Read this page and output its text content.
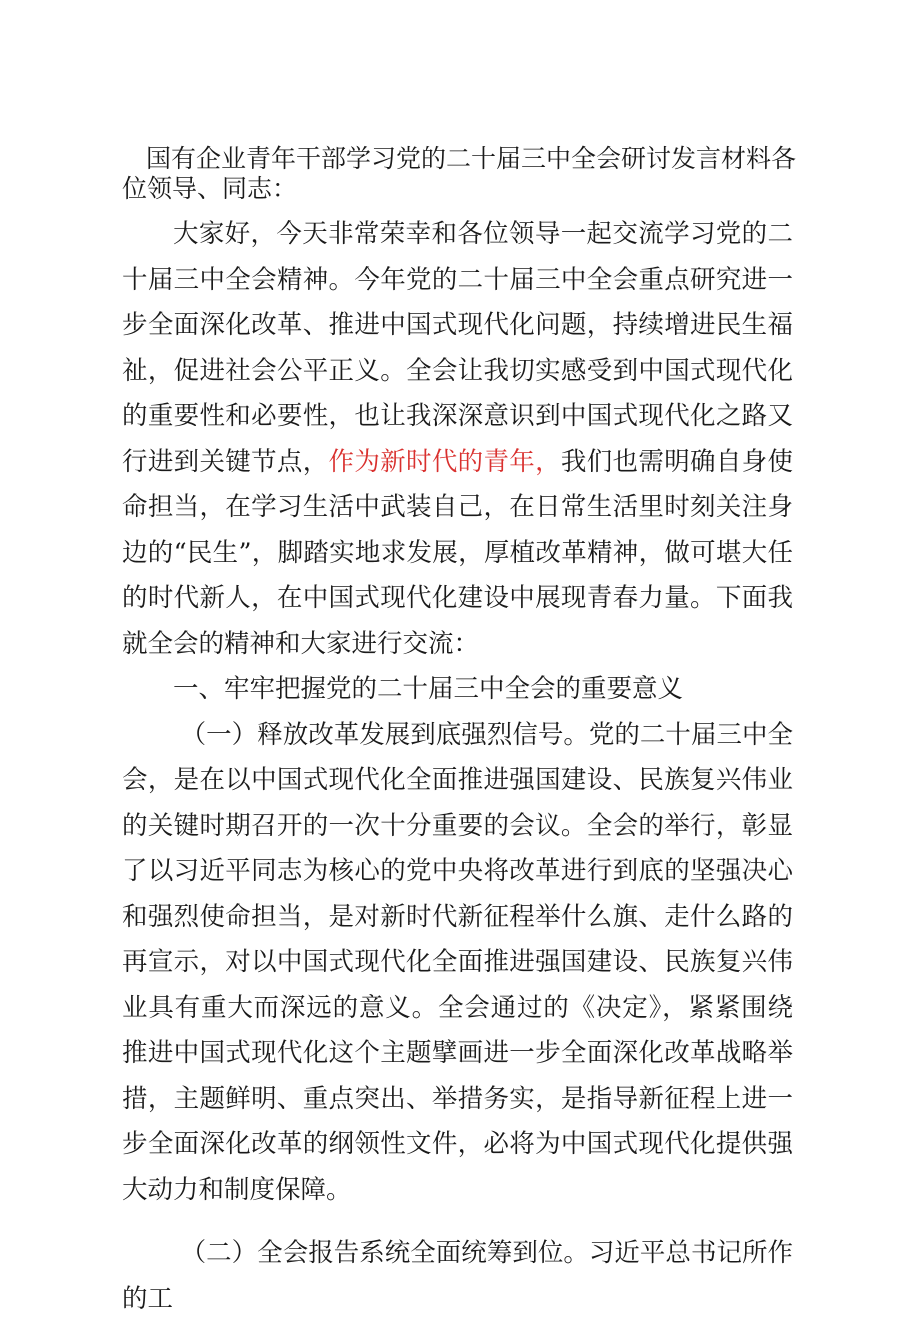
国有企业青年干部学习党的二十届三中全会研讨发言材料各位领导、同志：

大家好，今天非常荣幸和各位领导一起交流学习党的二十届三中全会精神。今年党的二十届三中全会重点研究进一步全面深化改革、推进中国式现代化问题，持续增进民生福祉，促进社会公平正义。全会让我切实感受到中国式现代化的重要性和必要性，也让我深深意识到中国式现代化之路又行进到关键节点，作为新时代的青年，我们也需明确自身使命担当，在学习生活中武装自己，在日常生活里时刻关注身边的“民生”，脚踏实地求发展，厚植改革精神，做可堪大任的时代新人，在中国式现代化建设中展现青春力量。下面我就全会的精神和大家进行交流：

一、牢牢把握党的二十届三中全会的重要意义

（一）释放改革发展到底强烈信号。党的二十届三中全会，是在以中国式现代化全面推进强国建设、民族复兴伟业的关键时期召开的一次十分重要的会议。全会的举行，彰显了以习近平同志为核心的党中央将改革进行到底的坚强决心和强烈使命担当，是对新时代新征程举什么旗、走什么路的再宣示，对以中国式现代化全面推进强国建设、民族复兴伟业具有重大而深远的意义。全会通过的《决定》，紧紧围绕推进中国式现代化这个主题擘画进一步全面深化改革战略举措，主题鲜明、重点突出、举措务实，是指导新征程上进一步全面深化改革的纲领性文件，必将为中国式现代化提供强大动力和制度保障。

（二）全会报告系统全面统筹到位。习近平总书记所作的工
